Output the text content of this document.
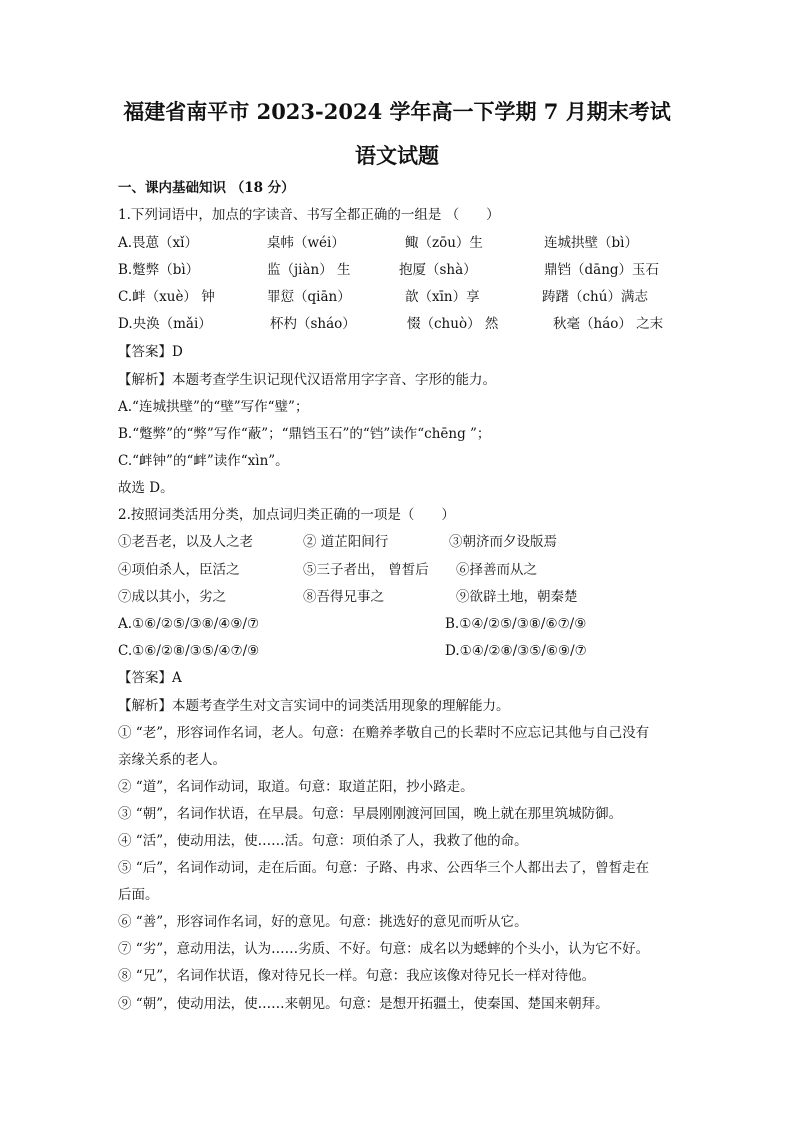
福建省南平市 2023-2024 学年高一下学期 7 月期末考试
语文试题
一、课内基础知识 （18 分）
1.下列词语中，加点的字读音、书写全都正确的一组是 （　　）
A.畏葸（xǐ）	桌帏（wéi）	鲰（zōu）生	连城拱壁（bì）
B.蹩弊（bì）	监（jiàn） 生	抱厦（shà）	鼎铛（dāng）玉石
C.衅（xuè） 钟	罪愆（qiān）	歆（xīn）享	踌躇（chú）满志
D.央涣（mǎi）	杯杓（sháo）	惙（chuò） 然	秋毫（háo） 之末
【答案】D
【解析】本题考查学生识记现代汉语常用字字音、字形的能力。
A.“连城拱壁”的“壁”写作“璧”；
B.“蹩弊”的“弊”写作“蔽”；“鼎铛玉石”的“铛”读作“chēng ”；
C.“衅钟”的“衅”读作“xìn”。
故选 D。
2.按照词类活用分类，加点词归类正确的一项是（　　）
①老吾老，以及人之老	② 道芷阳间行	③朝济而夕设版焉
④项伯杀人，臣活之	⑤三子者出， 曾皙后 ⑥择善而从之
⑦成以其小，劣之	⑧吾得兄事之	⑨欲辟土地，朝秦楚
A.①⑥/②⑤/③⑧/④⑨/⑦	B.①④/②⑤/③⑧/⑥⑦/⑨
C.①⑥/②⑧/③⑤/④⑦/⑨	D.①④/②⑧/③⑤/⑥⑨/⑦
【答案】A
【解析】本题考查学生对文言实词中的词类活用现象的理解能力。
① “老”，形容词作名词，老人。句意：在赡养孝敬自己的长辈时不应忘记其他与自己没有
亲缘关系的老人。
② “道”，名词作动词，取道。句意：取道芷阳，抄小路走。
③ “朝”，名词作状语，在早晨。句意：早晨刚刚渡河回国，晚上就在那里筑城防御。
④ “活”，使动用法，使……活。句意：项伯杀了人，我救了他的命。
⑤ “后”，名词作动词，走在后面。句意：子路、冉求、公西华三个人都出去了，曾皙走在
后面。
⑥ “善”，形容词作名词，好的意见。句意：挑选好的意见而听从它。
⑦ “劣”，意动用法，认为……劣质、不好。句意：成名以为蟋蟀的个头小，认为它不好。
⑧ “兄”，名词作状语，像对待兄长一样。句意：我应该像对待兄长一样对待他。
⑨ “朝”，使动用法，使……来朝见。句意：是想开拓疆土，使秦国、楚国来朝拜。
